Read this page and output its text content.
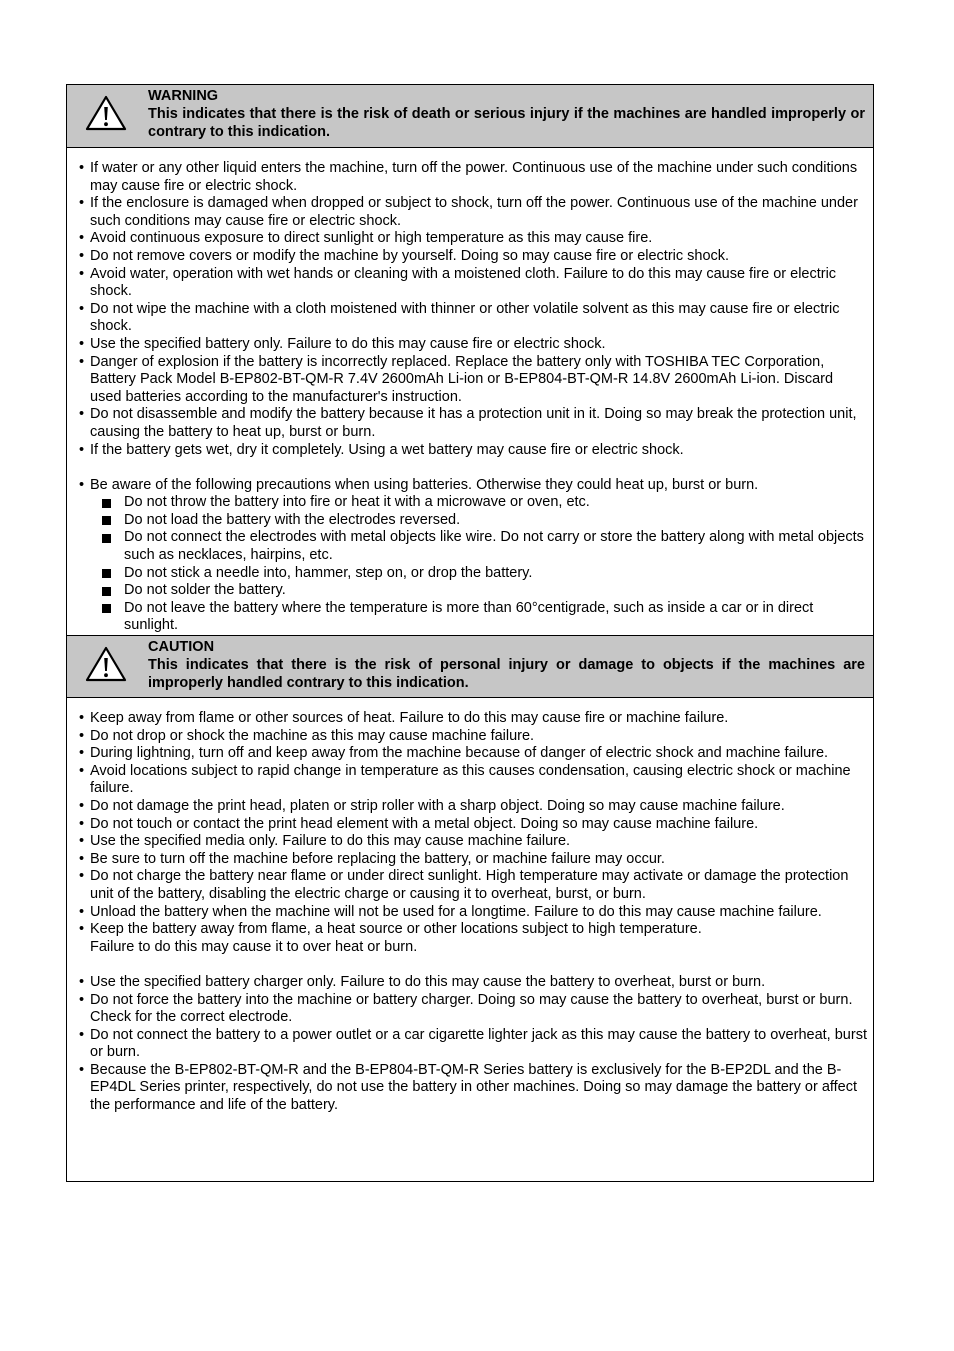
WARNING
This indicates that there is the risk of death or serious injury if the machines are handled improperly or contrary to this indication.
• If water or any other liquid enters the machine, turn off the power. Continuous use of the machine under such conditions may cause fire or electric shock.
• If the enclosure is damaged when dropped or subject to shock, turn off the power. Continuous use of the machine under such conditions may cause fire or electric shock.
• Avoid continuous exposure to direct sunlight or high temperature as this may cause fire.
• Do not remove covers or modify the machine by yourself. Doing so may cause fire or electric shock.
• Avoid water, operation with wet hands or cleaning with a moistened cloth. Failure to do this may cause fire or electric shock.
• Do not wipe the machine with a cloth moistened with thinner or other volatile solvent as this may cause fire or electric shock.
• Use the specified battery only. Failure to do this may cause fire or electric shock.
• Danger of explosion if the battery is incorrectly replaced. Replace the battery only with TOSHIBA TEC Corporation, Battery Pack Model B-EP802-BT-QM-R 7.4V 2600mAh Li-ion or B-EP804-BT-QM-R 14.8V 2600mAh Li-ion. Discard used batteries according to the manufacturer's instruction.
• Do not disassemble and modify the battery because it has a protection unit in it. Doing so may break the protection unit, causing the battery to heat up, burst or burn.
• If the battery gets wet, dry it completely. Using a wet battery may cause fire or electric shock.
• Be aware of the following precautions when using batteries. Otherwise they could heat up, burst or burn.
Do not throw the battery into fire or heat it with a microwave or oven, etc.
Do not load the battery with the electrodes reversed.
Do not connect the electrodes with metal objects like wire. Do not carry or store the battery along with metal objects such as necklaces, hairpins, etc.
Do not stick a needle into, hammer, step on, or drop the battery.
Do not solder the battery.
Do not leave the battery where the temperature is more than 60°centigrade, such as inside a car or in direct sunlight.
CAUTION
This indicates that there is the risk of personal injury or damage to objects if the machines are improperly handled contrary to this indication.
• Keep away from flame or other sources of heat. Failure to do this may cause fire or machine failure.
• Do not drop or shock the machine as this may cause machine failure.
• During lightning, turn off and keep away from the machine because of danger of electric shock and machine failure.
• Avoid locations subject to rapid change in temperature as this causes condensation, causing electric shock or machine failure.
• Do not damage the print head, platen or strip roller with a sharp object. Doing so may cause machine failure.
• Do not touch or contact the print head element with a metal object. Doing so may cause machine failure.
• Use the specified media only. Failure to do this may cause machine failure.
• Be sure to turn off the machine before replacing the battery, or machine failure may occur.
• Do not charge the battery near flame or under direct sunlight. High temperature may activate or damage the protection unit of the battery, disabling the electric charge or causing it to overheat, burst, or burn.
• Unload the battery when the machine will not be used for a longtime. Failure to do this may cause machine failure.
• Keep the battery away from flame, a heat source or other locations subject to high temperature.
Failure to do this may cause it to over heat or burn.
• Use the specified battery charger only. Failure to do this may cause the battery to overheat, burst or burn.
• Do not force the battery into the machine or battery charger. Doing so may cause the battery to overheat, burst or burn. Check for the correct electrode.
• Do not connect the battery to a power outlet or a car cigarette lighter jack as this may cause the battery to overheat, burst or burn.
• Because the B-EP802-BT-QM-R and the B-EP804-BT-QM-R Series battery is exclusively for the B-EP2DL and the B-EP4DL Series printer, respectively, do not use the battery in other machines. Doing so may damage the battery or affect the performance and life of the battery.
